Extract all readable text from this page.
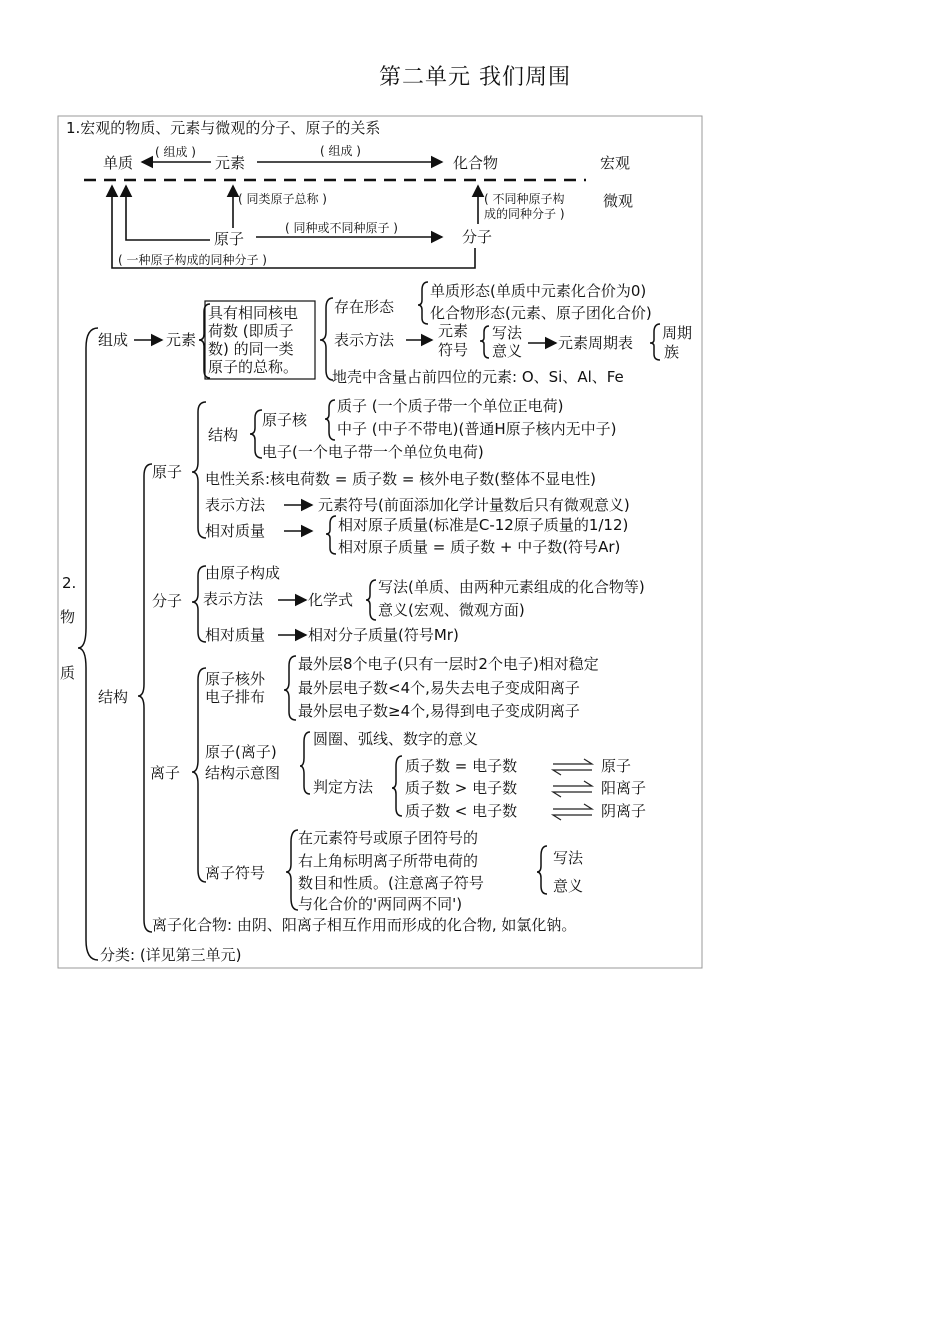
第二单元 我们周围
1.宏观的物质、元素与微观的分子、原子的关系
单质	元素	化合物	宏观
( 组成 )	( 组成 )
微观
( 同类原子总称 )
原子	分子
( 同种或不同种原子 )
( 不同种原子构
成的同种分子 )
( 一种原子构成的同种分子 )
2.
物
质
组成	元素
具有相同核电
荷数 (即质子
数) 的同一类
原子的总称。
存在形态
单质形态(单质中元素化合价为0)
化合物形态(元素、原子团化合价)
表示方法	元素
符号
写法
意义 元素周期表
周期
族
地壳中含量占前四位的元素: O、Si、Al、Fe
结构
原子
结构
原子核
质子 (一个质子带一个单位正电荷)
中子 (中子不带电)(普通H原子核内无中子)
电子(一个电子带一个单位负电荷)
电性关系:核电荷数 = 质子数 = 核外电子数(整体不显电性)
表示方法	元素符号(前面添加化学计量数后只有微观意义)
相对质量	相对原子质量(标准是C-12原子质量的1/12)
相对原子质量 = 质子数 + 中子数(符号Ar)
分子
由原子构成
表示方法	化学式
写法(单质、由两种元素组成的化合物等)
意义(宏观、微观方面)
相对质量	相对分子质量(符号Mr)
离子
原子核外
电子排布
最外层8个电子(只有一层时2个电子)相对稳定
最外层电子数<4个,易失去电子变成阳离子
最外层电子数≥4个,易得到电子变成阴离子
原子(离子)
结构示意图
圆圈、弧线、数字的意义
判定方法
质子数 = 电子数	原子
质子数 > 电子数	阳离子
质子数 < 电子数	阴离子
离子符号
在元素符号或原子团符号的
右上角标明离子所带电荷的
数目和性质。(注意离子符号
与化合价的'两同两不同')
写法
意义
离子化合物: 由阴、阳离子相互作用而形成的化合物, 如氯化钠。
分类: (详见第三单元)
